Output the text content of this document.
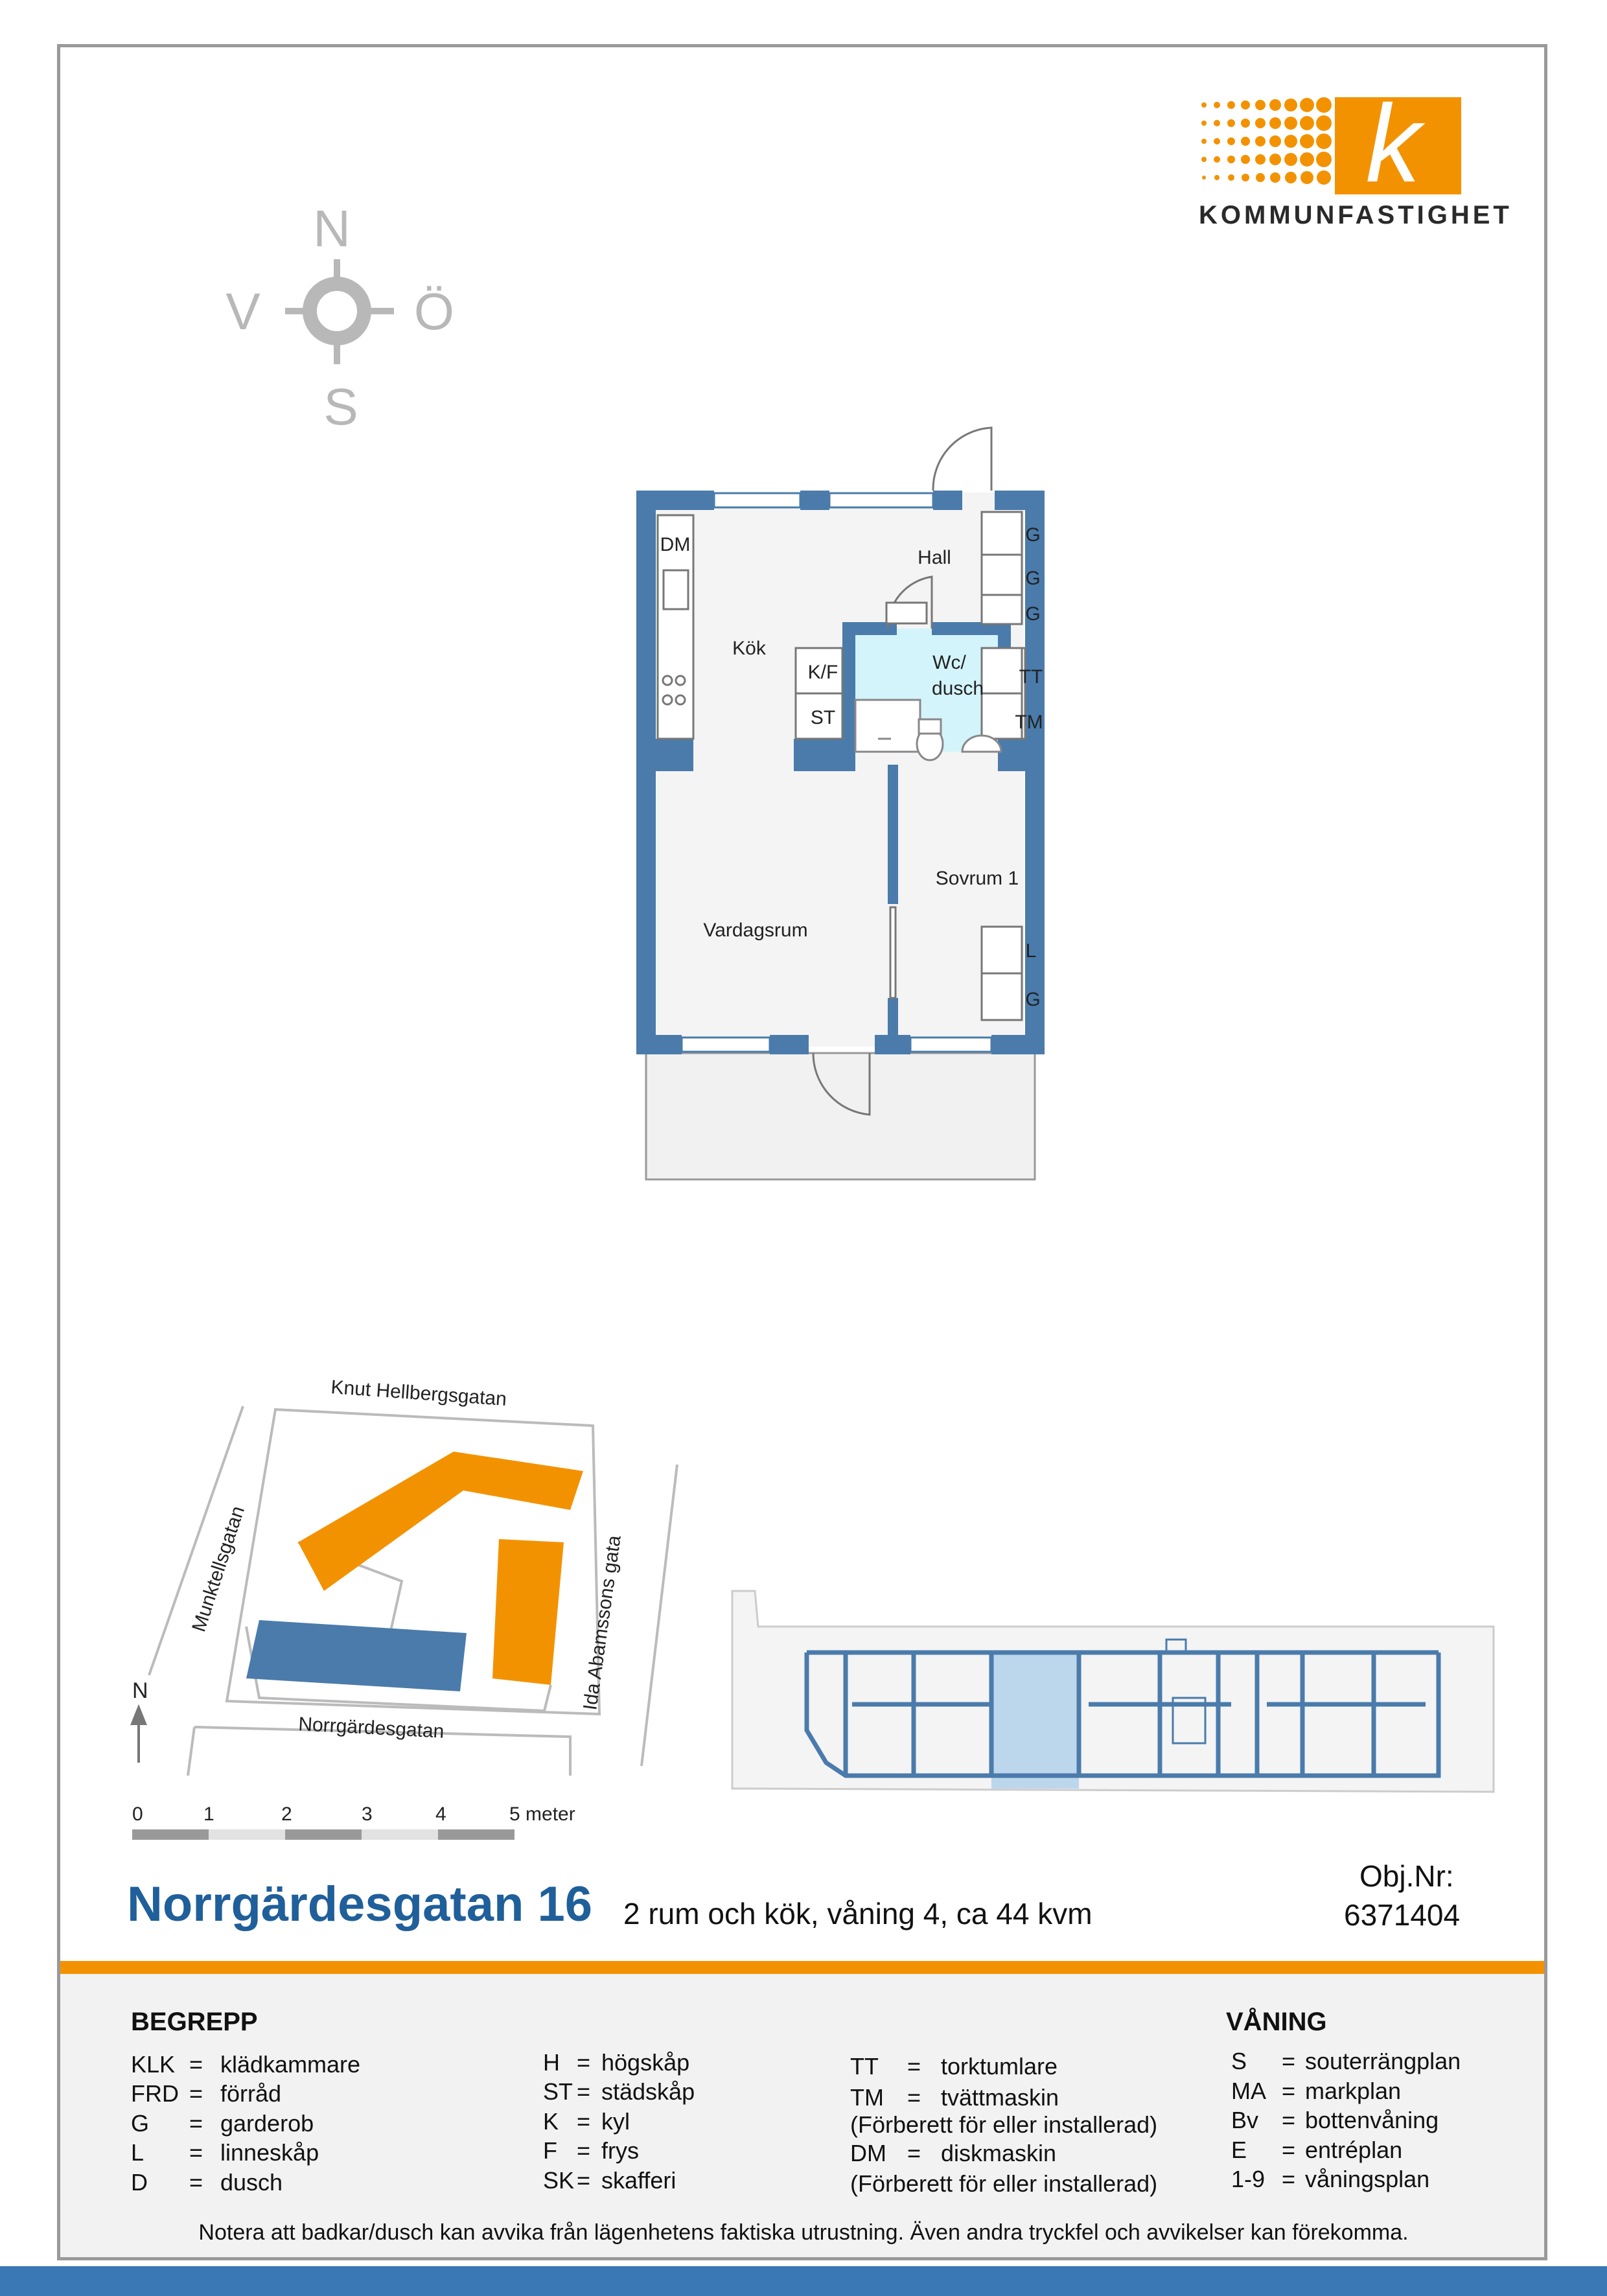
k
KOMMUNFASTIGHET
N
V	Ö
S
DM
Hall
Kök
K/F
ST
Wc/
dusch
TT
TM
G
G
G
Sovrum 1
Vardagsrum
L
G
Knut Hellbergsgatan
Munktellsgatan
Norrgärdesgatan
Ida Abamssons gata
N
0	1	2	3	4	5 meter
Norrgärdesgatan 16 2 rum och kök, våning 4, ca 44 kvm
Obj.Nr:
6371404
BEGREPP	VÅNING
KLK = klädkammare
FRD = förråd
G = garderob
L = linneskåp
D = dusch
H = högskåp
ST = städskåp
K = kyl
F = frys
SK = skafferi
TT = torktumlare
TM = tvättmaskin
(Förberett för eller installerad)
DM = diskmaskin
(Förberett för eller installerad)
S = souterrängplan
MA = markplan
Bv = bottenvåning
E = entréplan
1-9 = våningsplan
Notera att badkar/dusch kan avvika från lägenhetens faktiska utrustning. Även andra tryckfel och avvikelser kan förekomma.
